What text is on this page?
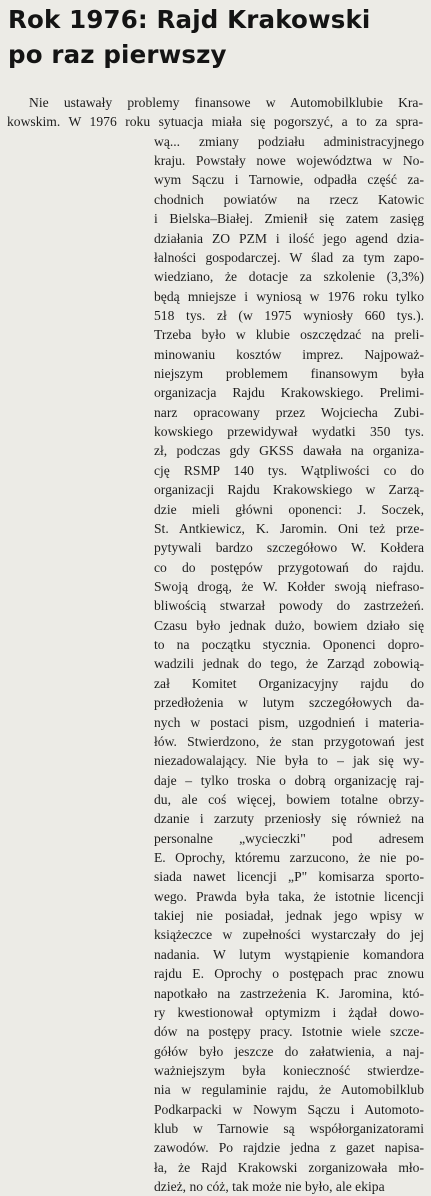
Rok 1976: Rajd Krakowski
po raz pierwszy
Nie ustawały problemy finansowe w Automobilklubie Kra-
kowskim. W 1976 roku sytuacja miała się pogorszyć, a to za spra-
wą... zmiany podziału administracyjnego
kraju. Powstały nowe województwa w No-
wym Sączu i Tarnowie, odpadła część za-
chodnich powiatów na rzecz Katowic
i Bielska–Białej. Zmienił się zatem zasięg
działania ZO PZM i ilość jego agend dzia-
łalności gospodarczej. W ślad za tym zapo-
wiedziano, że dotacje za szkolenie (3,3%)
będą mniejsze i wyniosą w 1976 roku tylko
518 tys. zł (w 1975 wyniosły 660 tys.).
Trzeba było w klubie oszczędzać na preli-
minowaniu kosztów imprez. Najpoważ-
niejszym problemem finansowym była
organizacja Rajdu Krakowskiego. Prelimi-
narz opracowany przez Wojciecha Zubi-
kowskiego przewidywał wydatki 350 tys.
zł, podczas gdy GKSS dawała na organiza-
cję RSMP 140 tys. Wątpliwości co do
organizacji Rajdu Krakowskiego w Zarzą-
dzie mieli główni oponenci: J. Soczek,
St. Antkiewicz, K. Jaromin. Oni też prze-
pytywali bardzo szczegółowo W. Kołdera
co do postępów przygotowań do rajdu.
Swoją drogą, że W. Kołder swoją niefraso-
bliwością stwarzał powody do zastrzeżeń.
Czasu było jednak dużo, bowiem działo się
to na początku stycznia. Oponenci dopro-
wadzili jednak do tego, że Zarząd zobowią-
zał Komitet Organizacyjny rajdu do
przedłożenia w lutym szczegółowych da-
nych w postaci pism, uzgodnień i materia-
łów. Stwierdzono, że stan przygotowań jest
niezadowalający. Nie była to – jak się wy-
daje – tylko troska o dobrą organizację raj-
du, ale coś więcej, bowiem totalne obrzy-
dzanie i zarzuty przeniosły się również na
personalne „wycieczki" pod adresem
E. Oprochy, któremu zarzucono, że nie po-
siada nawet licencji „P" komisarza sporto-
wego. Prawda była taka, że istotnie licencji
takiej nie posiadał, jednak jego wpisy w
książeczce w zupełności wystarczały do jej
nadania. W lutym wystąpienie komandora
rajdu E. Oprochy o postępach prac znowu
napotkało na zastrzeżenia K. Jaromina, któ-
ry kwestionował optymizm i żądał dowo-
dów na postępy pracy. Istotnie wiele szcze-
gółów było jeszcze do załatwienia, a naj-
ważniejszym była konieczność stwierdze-
nia w regulaminie rajdu, że Automobilklub
Podkarpacki w Nowym Sączu i Automoto-
klub w Tarnowie są współorganizatorami
zawodów. Po rajdzie jedna z gazet napisa-
ła, że Rajd Krakowski zorganizowała mło-
dzież, no cóż, tak może nie było, ale ekipa
